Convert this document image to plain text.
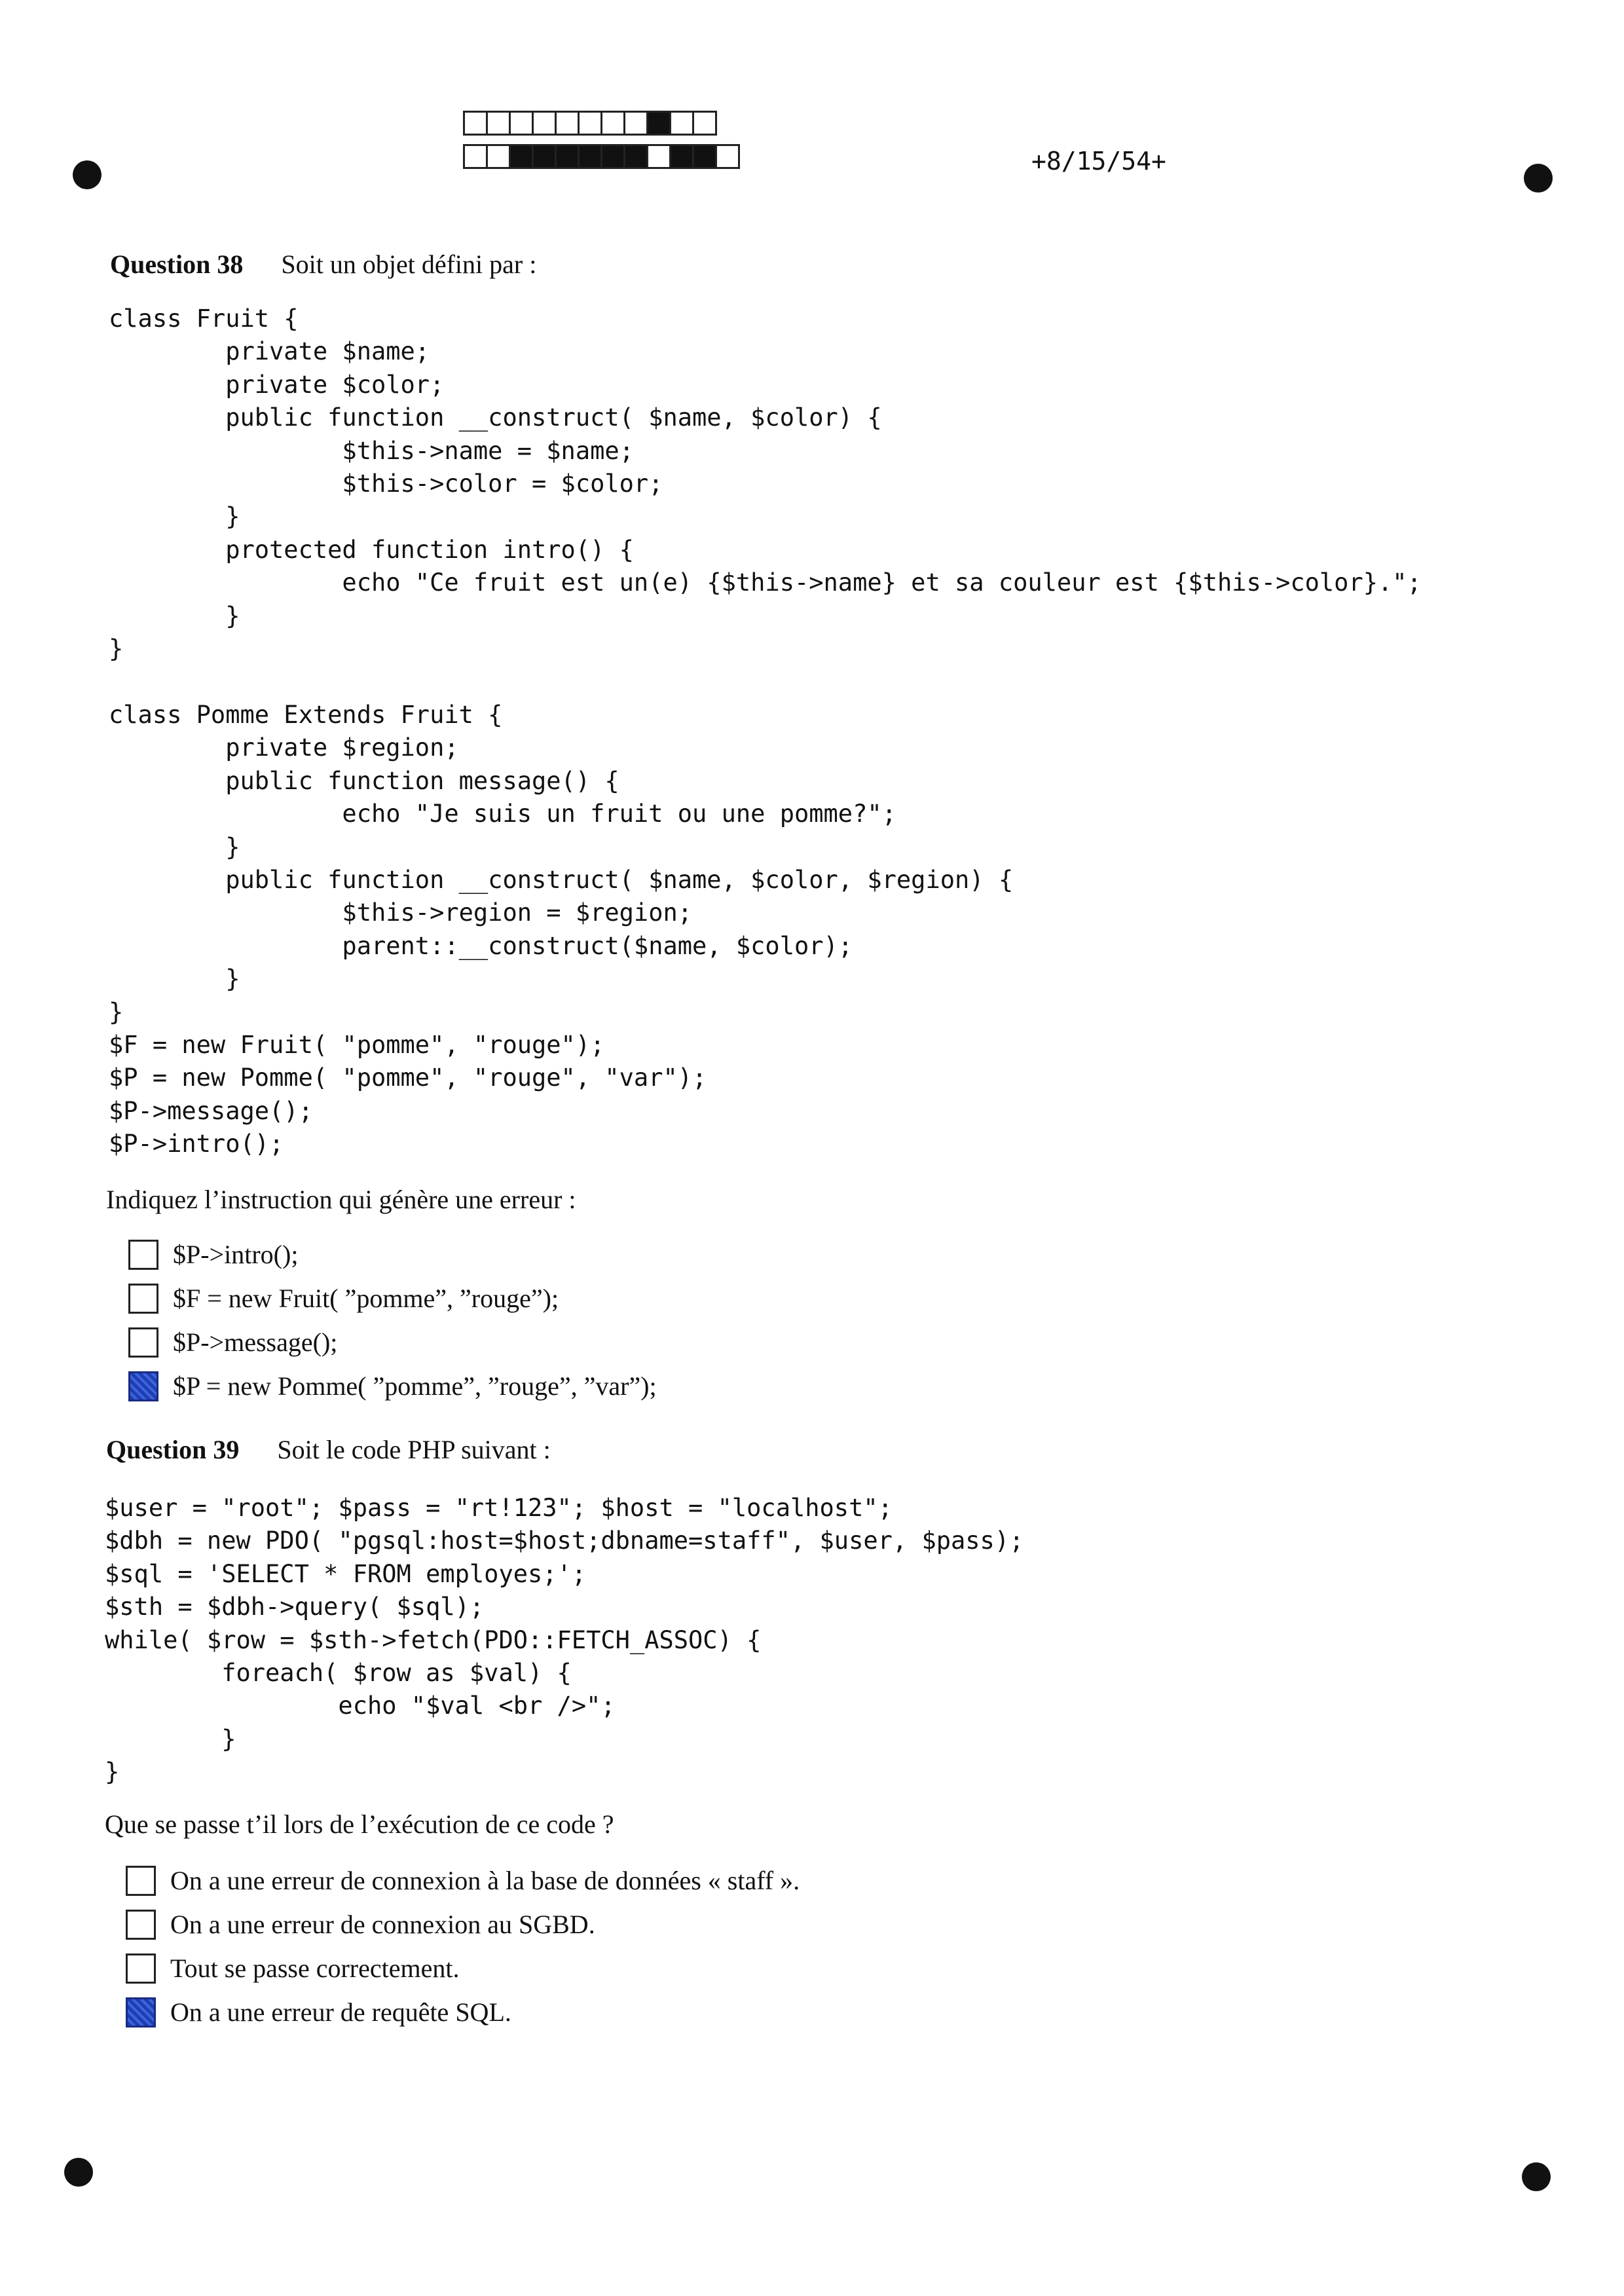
+8/15/54+
Question 38 Soit un objet défini par :
class Fruit {
private $name;
private $color;
public function __construct( $name, $color) {
$this->name = $name;
$this->color = $color;
}
protected function intro() {
echo "Ce fruit est un(e) {$this->name} et sa couleur est {$this->color}.";
}
}

class Pomme Extends Fruit {
private $region;
public function message() {
echo "Je suis un fruit ou une pomme?";
}
public function __construct( $name, $color, $region) {
$this->region = $region;
parent::__construct($name, $color);
}
}
$F = new Fruit( "pomme", "rouge");
$P = new Pomme( "pomme", "rouge", "var");
$P->message();
$P->intro();
Indiquez l’instruction qui génère une erreur :
$P->intro();
$F = new Fruit( ”pomme”, ”rouge”);
$P->message();
$P = new Pomme( ”pomme”, ”rouge”, ”var”);
Question 39 Soit le code PHP suivant :
$user = "root"; $pass = "rt!123"; $host = "localhost";
$dbh = new PDO( "pgsql:host=$host;dbname=staff", $user, $pass);
$sql = 'SELECT * FROM employes;';
$sth = $dbh->query( $sql);
while( $row = $sth->fetch(PDO::FETCH_ASSOC) {
foreach( $row as $val) {
echo "$val <br />";
}
}
Que se passe t’il lors de l’exécution de ce code ?
On a une erreur de connexion à la base de données « staff ».
On a une erreur de connexion au SGBD.
Tout se passe correctement.
On a une erreur de requête SQL.
